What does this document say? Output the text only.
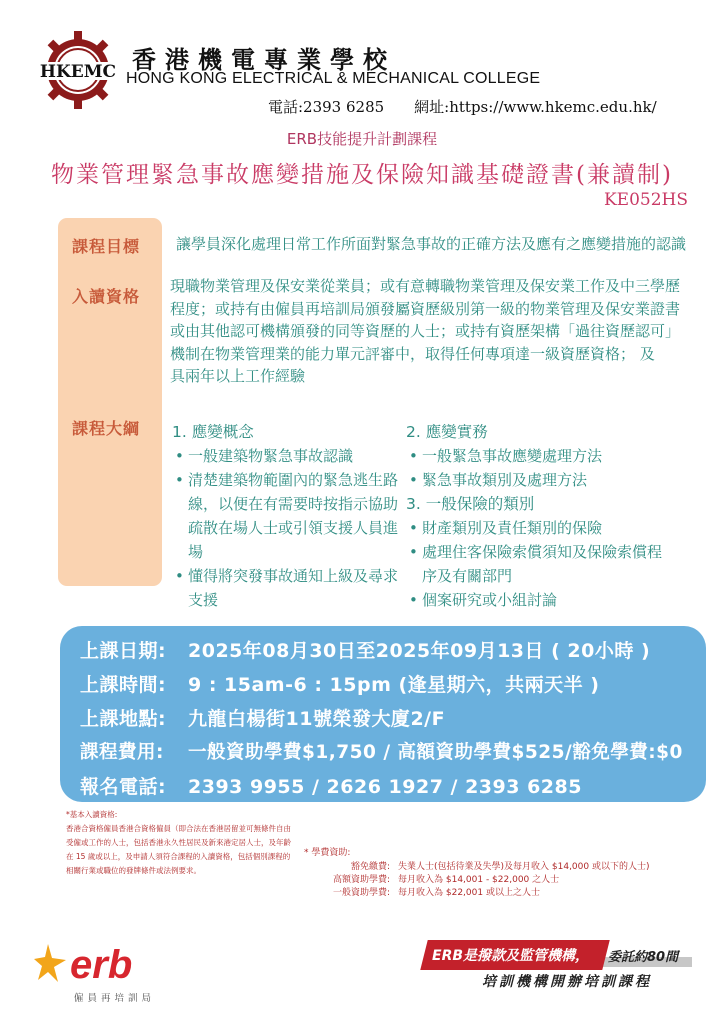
HKEMC 香港機電專業學校
HONG KONG ELECTRICAL & MECHANICAL COLLEGE
電話:2393 6285 網址:https://www.hkemc.edu.hk/
ERB技能提升計劃課程
物業管理緊急事故應變措施及保險知識基礎證書(兼讀制)
KE052HS
課程目標
入讀資格
課程大綱
讓學員深化處理日常工作所面對緊急事故的正確方法及應有之應變措施的認識
現職物業管理及保安業從業員；或有意轉職物業管理及保安業工作及中三學歷程度；或持有由僱員再培訓局頒發屬資歷級別第一級的物業管理及保安業證書或由其他認可機構頒發的同等資歷的人士；或持有資歷架構「過往資歷認可」機制在物業管理業的能力單元評審中，取得任何專項達一級資歷資格； 及
具兩年以上工作經驗
1. 應變概念
• 一般建築物緊急事故認識
• 清楚建築物範圍內的緊急逃生路線，以便在有需要時按指示協助疏散在場人士或引領支援人員進場
• 懂得將突發事故通知上級及尋求支援
2. 應變實務
• 一般緊急事故應變處理方法
• 緊急事故類別及處理方法
3. 一般保險的類別
• 財產類別及責任類別的保險
• 處理住客保險索償須知及保險索償程序及有關部門
• 個案研究或小組討論
上課日期: 2025年08月30日至2025年09月13日 ( 20小時 )
上課時間: 9 : 15am-6 : 15pm (逢星期六，共兩天半 )
上課地點: 九龍白楊街11號榮發大廈2/F
課程費用: 一般資助學費$1,750 / 高額資助學費$525/豁免學費:$0
報名電話: 2393 9955 / 2626 1927 / 2393 6285
*基本入讀資格:
香港合資格僱員香港合資格僱員（即合法在香港居留並可無條件自由受僱或工作的人士，包括香港永久性居民及新來港定居人士，及年齡在 15 歲或以上，及申請人須符合課程的入讀資格，包括個別課程的相關行業或職位的發牌條件或法例要求。
* 學費資助:
豁免繳費: 失業人士(包括待業及失學)及每月收入 $14,000 或以下的人士)
高額資助學費: 每月收入為 $14,001 - $22,000 之人士
一般資助學費: 每月收入為 $22,001 或以上之人士
erb
僱員再培訓局
ERB是撥款及監管機構， 委託約80間
培訓機構開辦培訓課程
